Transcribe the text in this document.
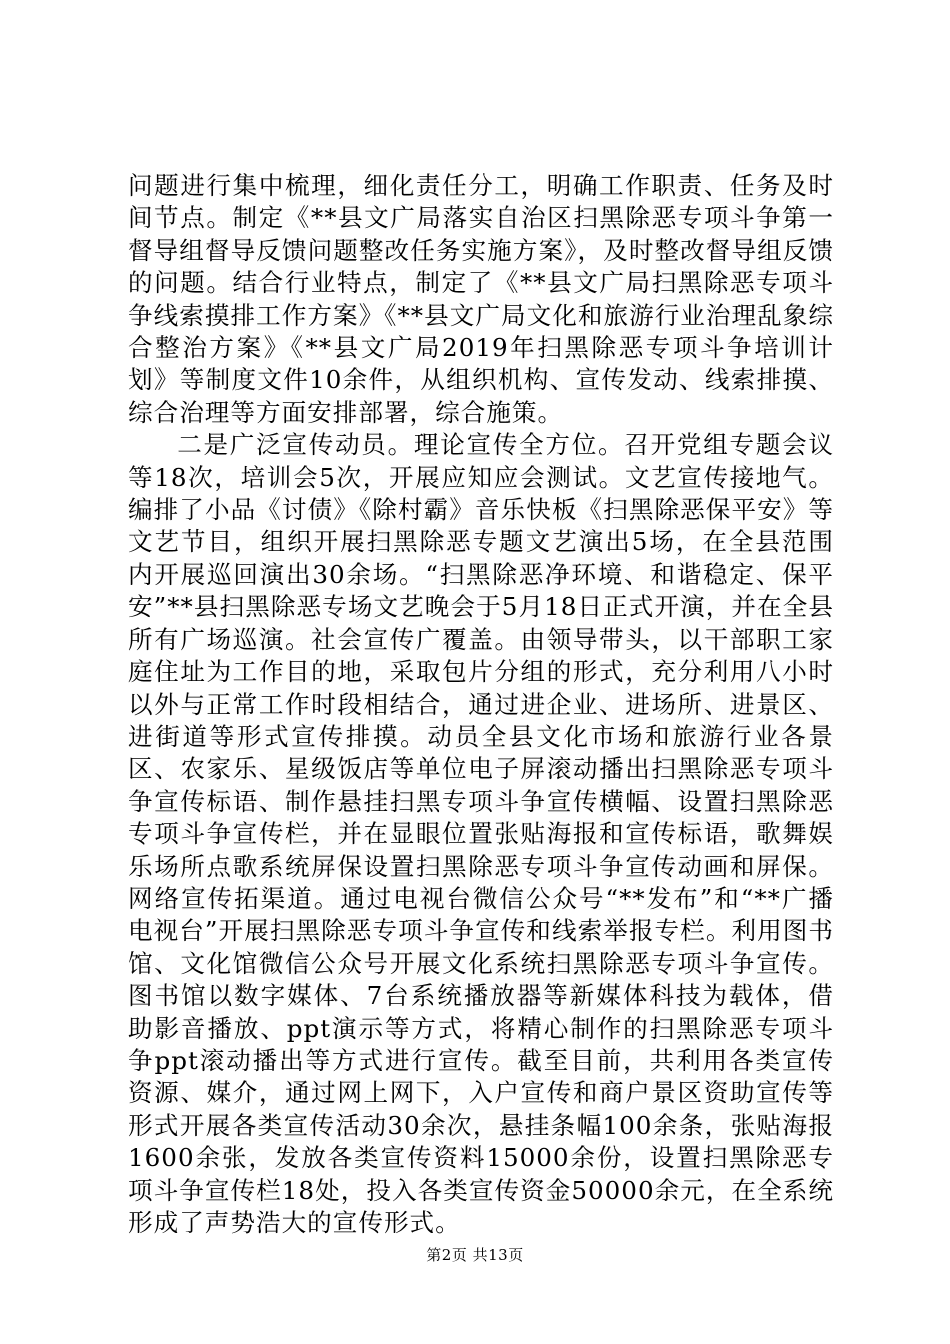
问题进行集中梳理，细化责任分工，明确工作职责、任务及时间节点。制定《**县文广局落实自治区扫黑除恶专项斗争第一督导组督导反馈问题整改任务实施方案》，及时整改督导组反馈的问题。结合行业特点，制定了《**县文广局扫黑除恶专项斗争线索摸排工作方案》《**县文广局文化和旅游行业治理乱象综合整治方案》《**县文广局2019年扫黑除恶专项斗争培训计划》等制度文件10余件，从组织机构、宣传发动、线索排摸、综合治理等方面安排部署，综合施策。

二是广泛宣传动员。理论宣传全方位。召开党组专题会议等18次，培训会5次，开展应知应会测试。文艺宣传接地气。编排了小品《讨债》《除村霸》音乐快板《扫黑除恶保平安》等文艺节目，组织开展扫黑除恶专题文艺演出5场，在全县范围内开展巡回演出30余场。“扫黑除恶净环境、和谐稳定、保平安”**县扫黑除恶专场文艺晚会于5月18日正式开演，并在全县所有广场巡演。社会宣传广覆盖。由领导带头，以干部职工家庭住址为工作目的地，采取包片分组的形式，充分利用八小时以外与正常工作时段相结合，通过进企业、进场所、进景区、进街道等形式宣传排摸。动员全县文化市场和旅游行业各景区、农家乐、星级饭店等单位电子屏滚动播出扫黑除恶专项斗争宣传标语、制作悬挂扫黑专项斗争宣传横幅、设置扫黑除恶专项斗争宣传栏，并在显眼位置张贴海报和宣传标语，歌舞娱乐场所点歌系统屏保设置扫黑除恶专项斗争宣传动画和屏保。网络宣传拓渠道。通过电视台微信公众号“**发布”和“**广播电视台”开展扫黑除恶专项斗争宣传和线索举报专栏。利用图书馆、文化馆微信公众号开展文化系统扫黑除恶专项斗争宣传。图书馆以数字媒体、7台系统播放器等新媒体科技为载体，借助影音播放、ppt演示等方式，将精心制作的扫黑除恶专项斗争ppt滚动播出等方式进行宣传。截至目前，共利用各类宣传资源、媒介，通过网上网下，入户宣传和商户景区资助宣传等形式开展各类宣传活动30余次，悬挂条幅100余条，张贴海报1600余张，发放各类宣传资料15000余份，设置扫黑除恶专项斗争宣传栏18处，投入各类宣传资金50000余元，在全系统形成了声势浩大的宣传形式。

第2页 共13页
